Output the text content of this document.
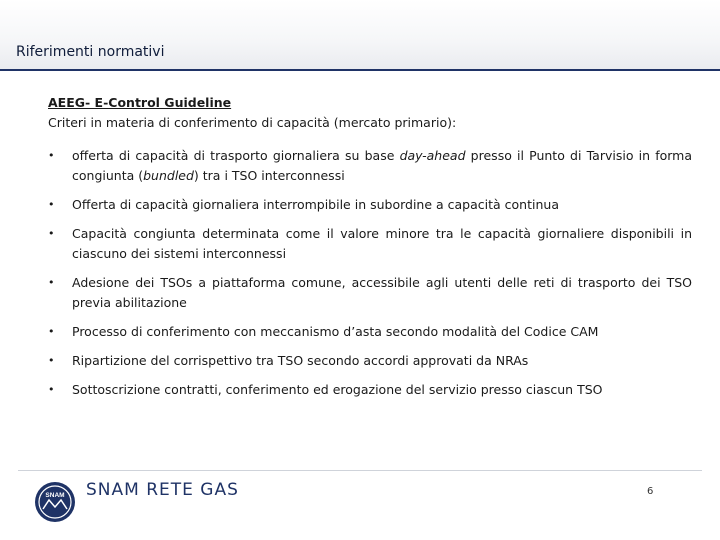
Riferimenti normativi
AEEG- E-Control Guideline
Criteri in materia di conferimento di capacità (mercato primario):
• offerta di capacità di trasporto giornaliera su base day-ahead presso il Punto di Tarvisio in forma congiunta (bundled) tra i TSO interconnessi
• Offerta di capacità giornaliera interrompibile in subordine a capacità continua
• Capacità congiunta determinata come il valore minore tra le capacità giornaliere disponibili in ciascuno dei sistemi interconnessi
• Adesione dei TSOs a piattaforma comune, accessibile agli utenti delle reti di trasporto dei TSO previa abilitazione
• Processo di conferimento con meccanismo d’asta secondo modalità del Codice CAM
• Ripartizione del corrispettivo tra TSO secondo accordi approvati da NRAs
• Sottoscrizione contratti, conferimento ed erogazione del servizio presso ciascun TSO
SNAM SNAM RETE GAS	6
